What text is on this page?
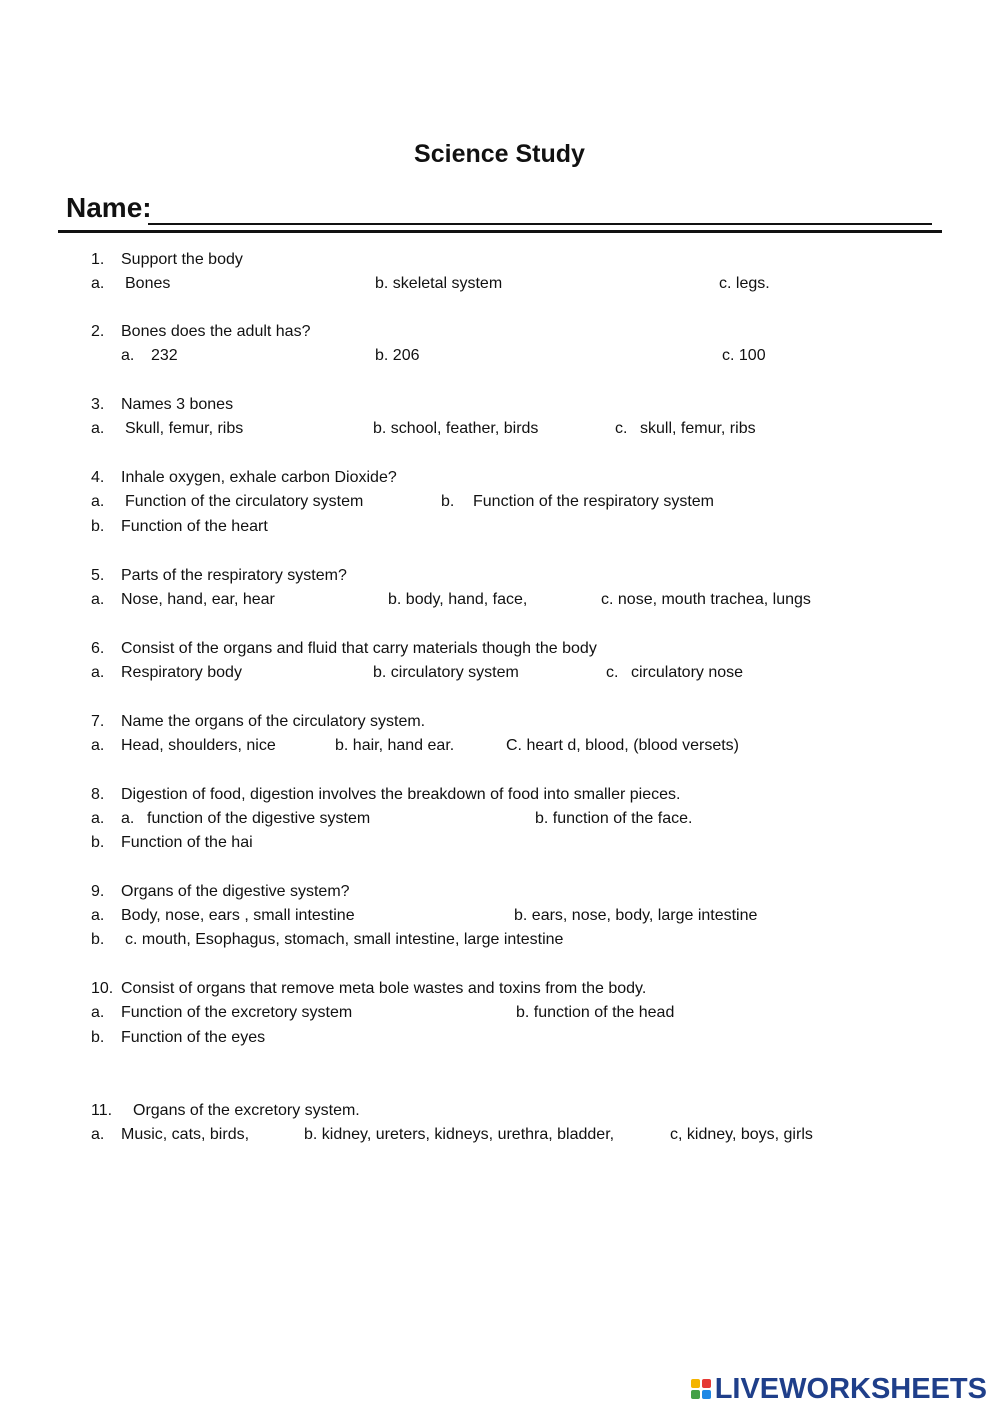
Science Study
Name:
1. Support the body
a. Bones	b. skeletal system	c. legs.
2. Bones does the adult has?
a. 232	b. 206	c. 100
3. Names 3 bones
a. Skull, femur, ribs	b. school, feather, birds	c. skull, femur, ribs
4. Inhale oxygen, exhale carbon Dioxide?
a. Function of the circulatory system	b. Function of the respiratory system
b. Function of the heart
5. Parts of the respiratory system?
a. Nose, hand, ear, hear	b. body, hand, face,	c. nose, mouth trachea, lungs
6. Consist of the organs and fluid that carry materials though the body
a. Respiratory body	b. circulatory system	c. circulatory nose
7. Name the organs of the circulatory system.
a. Head, shoulders, nice	b. hair, hand ear.	C. heart d, blood, (blood versets)
8. Digestion of food, digestion involves the breakdown of food into smaller pieces.
a. a. function of the digestive system	b. function of the face.
b. Function of the hai
9. Organs of the digestive system?
a. Body, nose, ears , small intestine	b. ears, nose, body, large intestine
b. c. mouth, Esophagus, stomach, small intestine, large intestine
10. Consist of organs that remove meta bole wastes and toxins from the body.
a. Function of the excretory system	b. function of the head
b. Function of the eyes
11. Organs of the excretory system.
a. Music, cats, birds,	b. kidney, ureters, kidneys, urethra, bladder,	c, kidney, boys, girls
LIVEWORKSHEETS
